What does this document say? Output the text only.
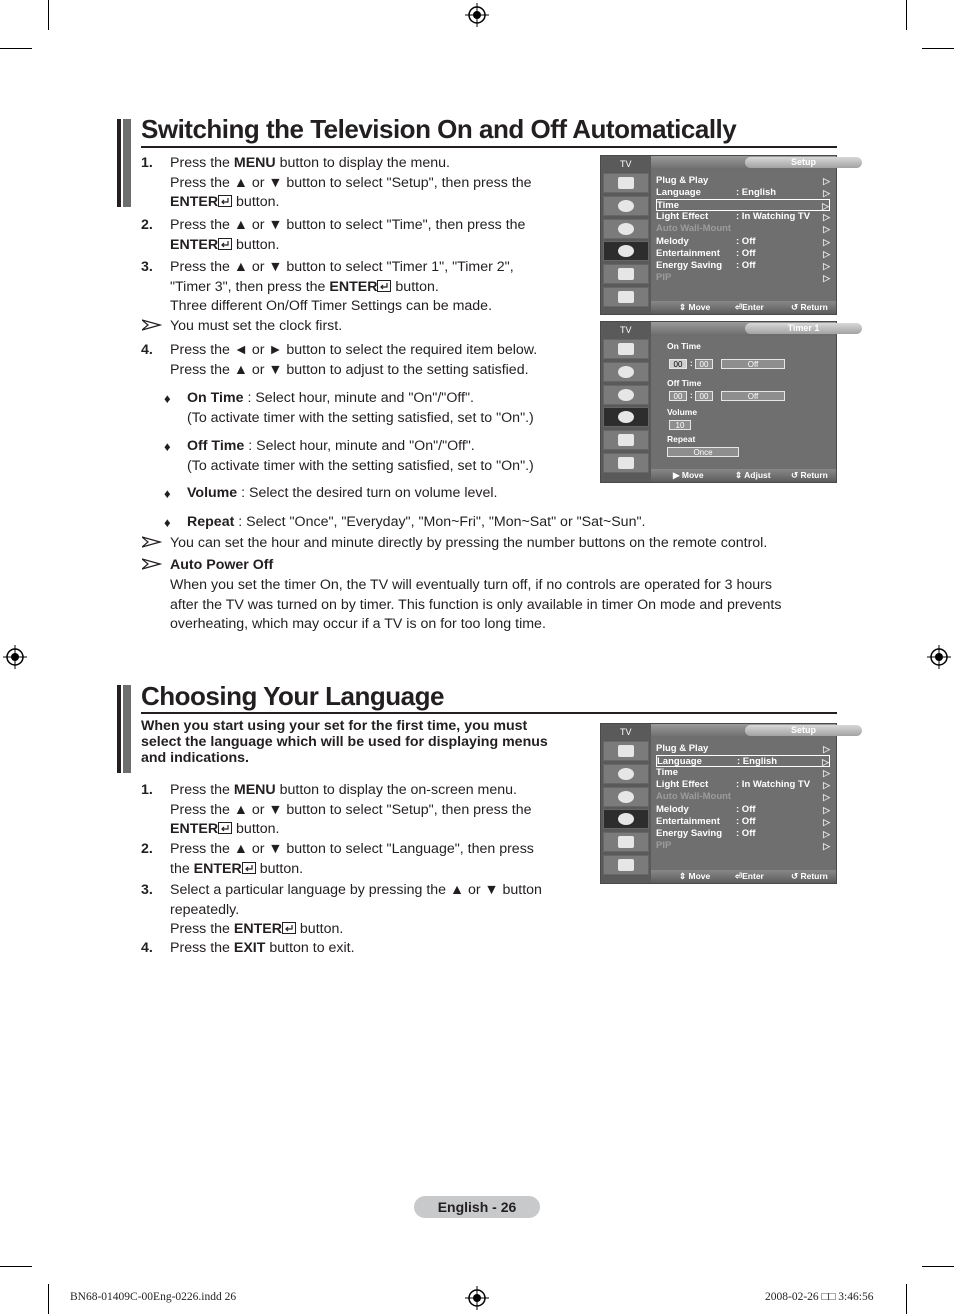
Switching the Television On and Off Automatically
1. Press the MENU button to display the menu.
Press the ▲ or ▼ button to select "Setup", then press the
ENTER button.
2. Press the ▲ or ▼ button to select "Time", then press the
ENTER button.
3. Press the ▲ or ▼ button to select "Timer 1", "Timer 2",
"Timer 3", then press the ENTER button.
Three different On/Off Timer Settings can be made.
4. Press the ◄ or ► button to select the required item below.
Press the ▲ or ▼ button to adjust to the setting satisfied.
♦ On Time : Select hour, minute and "On"/"Off".
(To activate timer with the setting satisfied, set to "On".)
♦ Off Time : Select hour, minute and "On"/"Off".
(To activate timer with the setting satisfied, set to "On".)
♦ Volume : Select the desired turn on volume level.
♦ Repeat : Select "Once", "Everyday", "Mon~Fri", "Mon~Sat" or "Sat~Sun".
You must set the clock first.
You can set the hour and minute directly by pressing the number buttons on the remote control.
Auto Power Off
When you set the timer On, the TV will eventually turn off, if no controls are operated for 3 hours
after the TV was turned on by timer. This function is only available in timer On mode and prevents
overheating, which may occur if a TV is on for too long time.
TV	Setup
Plug & Play	▷
Language	: English	▷
Time	▷
Light Effect	: In Watching TV ▷
Auto Wall-Mount	▷
Melody	: Off	▷
Entertainment : Off	▷
Energy Saving : Off	▷
PIP	▷
⇕ Move	⏎Enter	↺ Return
TV	Timer 1
On Time
00 : 00	Off
Off Time
00 : 00	Off
Volume
10
Repeat
Once
▶ Move	⇕ Adjust ↺ Return
Choosing Your Language
When you start using your set for the first time, you must
select the language which will be used for displaying menus
and indications.
1. Press the MENU button to display the on-screen menu.
Press the ▲ or ▼ button to select "Setup", then press the
ENTER button.
2. Press the ▲ or ▼ button to select "Language", then press
the ENTER button.
3. Select a particular language by pressing the ▲ or ▼ button
repeatedly.
Press the ENTER button.
4. Press the EXIT button to exit.
TV	Setup
Plug & Play	▷
Language	: English	▷
Time	▷
Light Effect	: In Watching TV ▷
Auto Wall-Mount	▷
Melody	: Off	▷
Entertainment : Off	▷
Energy Saving : Off	▷
PIP	▷
⇕ Move	⏎Enter	↺ Return
English - 26
BN68-01409C-00Eng-0226.indd 26	2008-02-26 □□ 3:46:56
